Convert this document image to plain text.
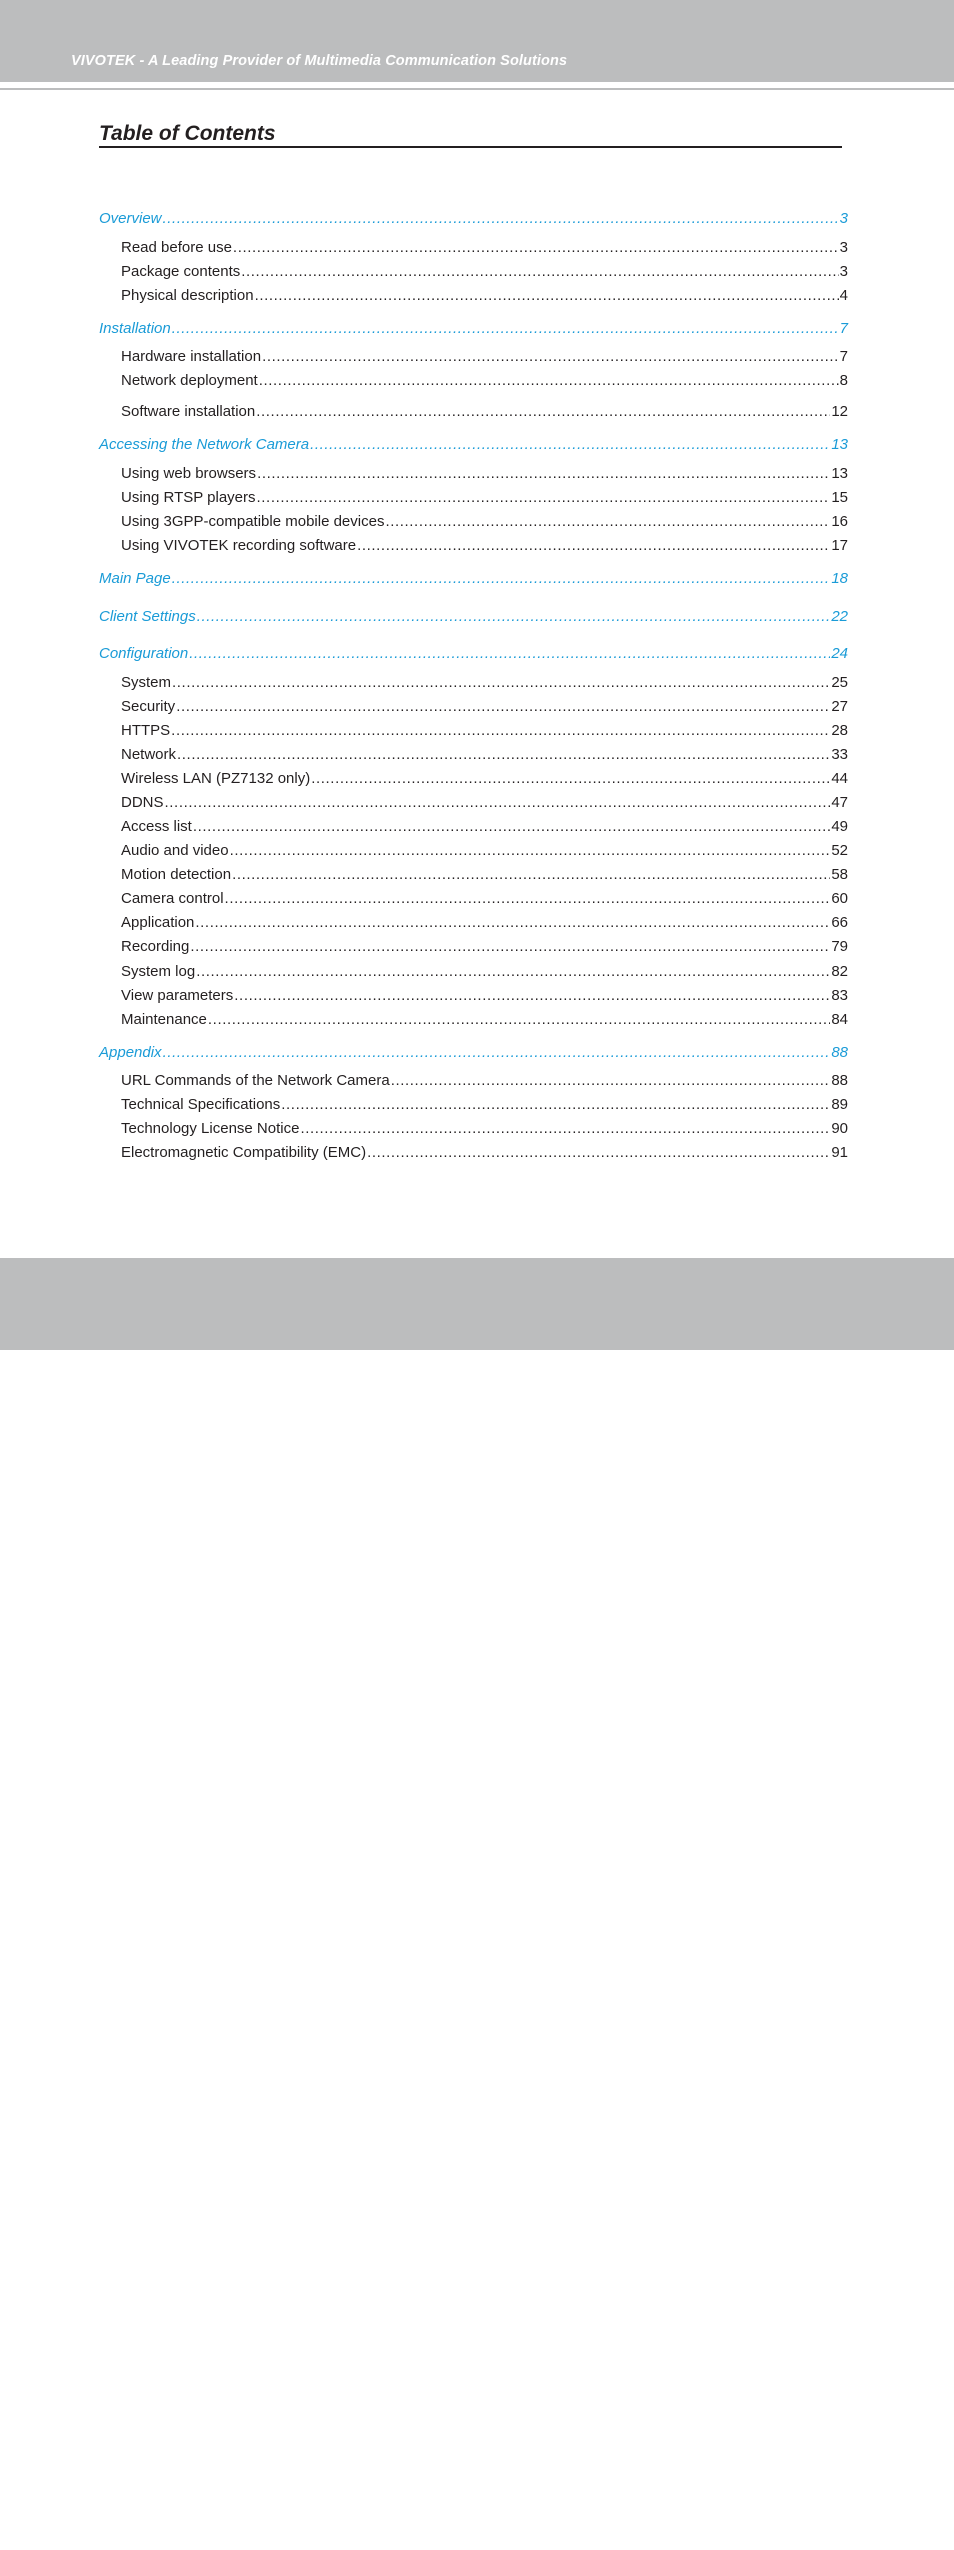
VIVOTEK - A Leading Provider of Multimedia Communication Solutions
Table of Contents
Overview .....	3
Read before use .....	3
Package contents .....	3
Physical description .....	4
Installation .....	7
Hardware installation .....	7
Network deployment .....	8
Software installation .....	12
Accessing the Network Camera .....	13
Using web browsers .....	13
Using RTSP players .....	15
Using 3GPP-compatible mobile devices .....	16
Using VIVOTEK recording software .....	17
Main Page .....	18
Client Settings .....	22
Configuration .....	24
System .....	25
Security .....	27
HTTPS .....	28
Network .....	33
Wireless LAN (PZ7132 only) .....	44
DDNS .....	47
Access list .....	49
Audio and video .....	52
Motion detection .....	58
Camera control .....	60
Application .....	66
Recording .....	79
System log .....	82
View parameters .....	83
Maintenance .....	84
Appendix .....	88
URL Commands of the Network Camera .....	88
Technical Specifications .....	89
Technology License Notice .....	90
Electromagnetic Compatibility (EMC) .....	91
2 - User's Manual
